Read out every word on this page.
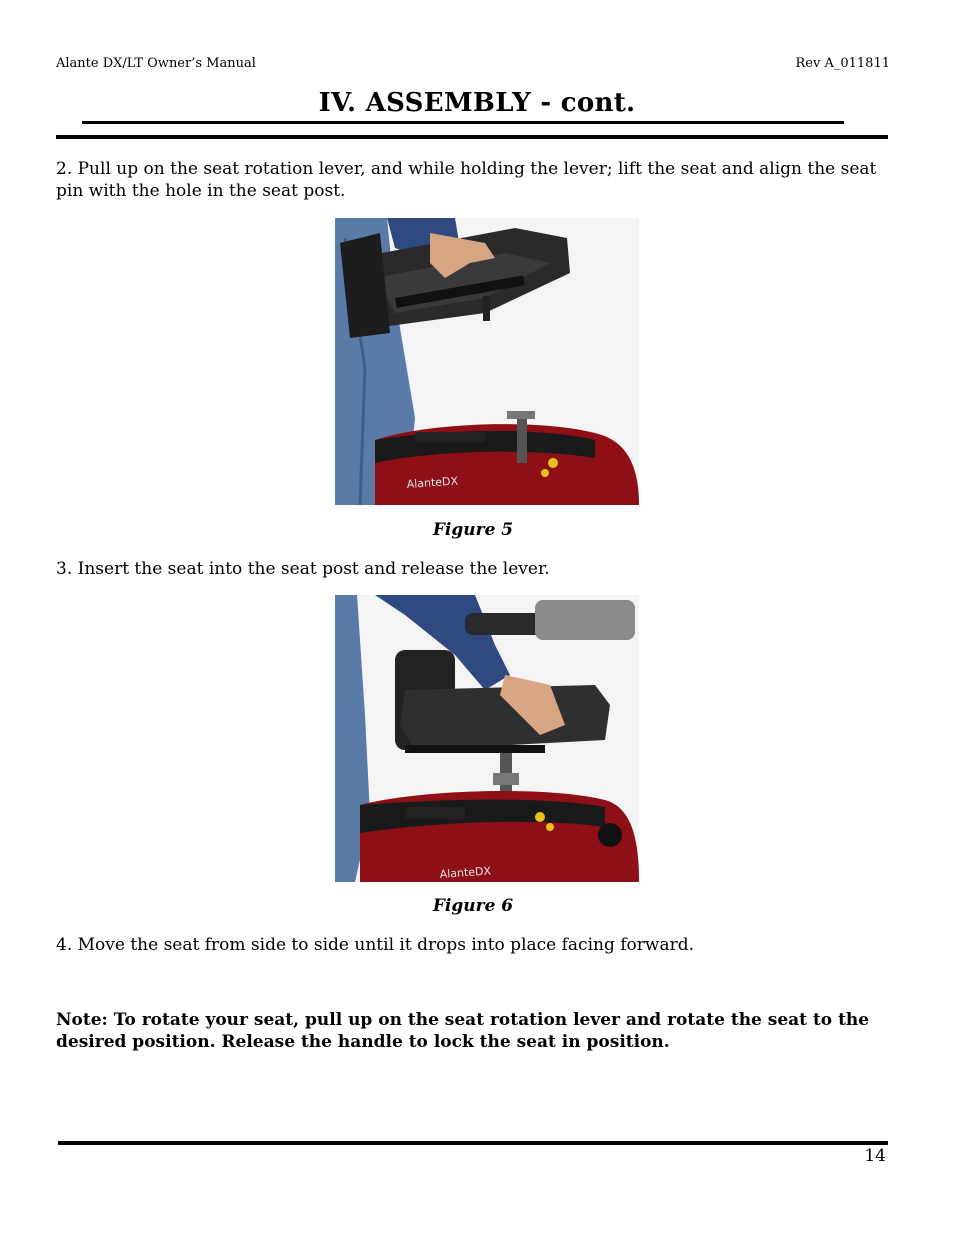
Alante DX/LT Owner’s Manual	Rev A_011811
IV. ASSEMBLY - cont.
2. Pull up on the seat rotation lever, and while holding the lever; lift the seat and align the seat pin with the hole in the seat post.
AlanteDX
Figure 5
3. Insert the seat into the seat post and release the lever.
AlanteDX
Figure 6
4. Move the seat from side to side until it drops into place facing forward.
Note: To rotate your seat, pull up on the seat rotation lever and rotate the seat to the desired position. Release the handle to lock the seat in position.
14
